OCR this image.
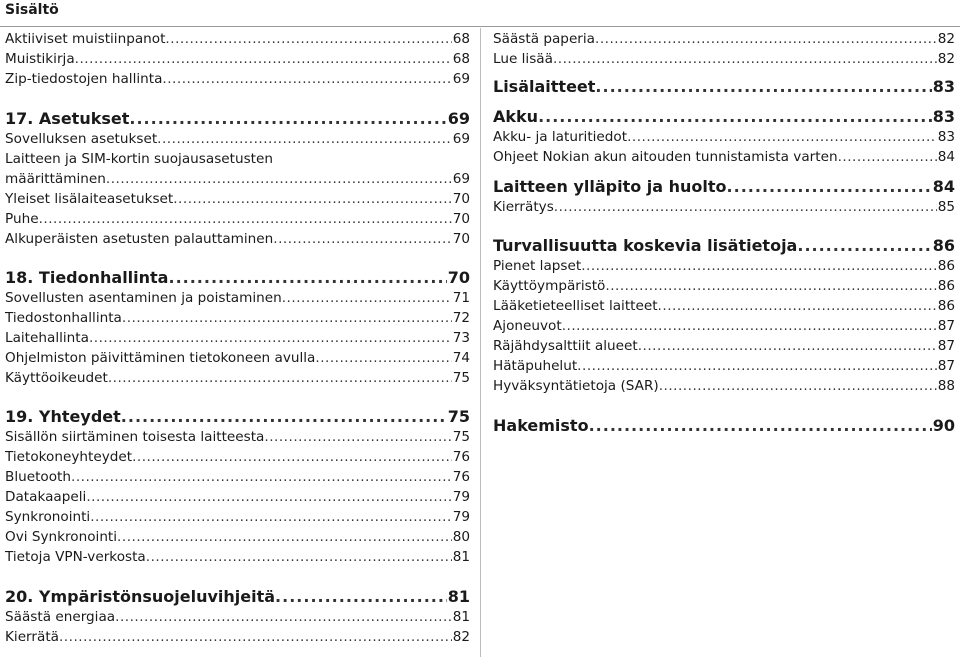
Sisältö
Aktiiviset muistiinpanot .....	68
Muistikirja .....	68
Zip-tiedostojen hallinta .....	69
17. Asetukset .....	69
Sovelluksen asetukset .....	69
Laitteen ja SIM-kortin suojausasetusten
määrittäminen .....	69
Yleiset lisälaiteasetukset .....	70
Puhe .....	70
Alkuperäisten asetusten palauttaminen .....	70
18. Tiedonhallinta .....	70
Sovellusten asentaminen ja poistaminen .....	71
Tiedostonhallinta .....	72
Laitehallinta .....	73
Ohjelmiston päivittäminen tietokoneen avulla .....	74
Käyttöoikeudet .....	75
19. Yhteydet .....	75
Sisällön siirtäminen toisesta laitteesta .....	75
Tietokoneyhteydet .....	76
Bluetooth .....	76
Datakaapeli .....	79
Synkronointi .....	79
Ovi Synkronointi .....	80
Tietoja VPN-verkosta .....	81
20. Ympäristönsuojeluvihjeitä .....	81
Säästä energiaa .....	81
Kierrätä .....	82
Säästä paperia .....	82
Lue lisää .....	82
Lisälaitteet .....	83
Akku .....	83
Akku- ja laturitiedot .....	83
Ohjeet Nokian akun aitouden tunnistamista varten .....	84
Laitteen ylläpito ja huolto .....	84
Kierrätys .....	85
Turvallisuutta koskevia lisätietoja .....	86
Pienet lapset .....	86
Käyttöympäristö .....	86
Lääketieteelliset laitteet .....	86
Ajoneuvot .....	87
Räjähdysalttiit alueet .....	87
Hätäpuhelut .....	87
Hyväksyntätietoja (SAR) .....	88
Hakemisto .....	90
